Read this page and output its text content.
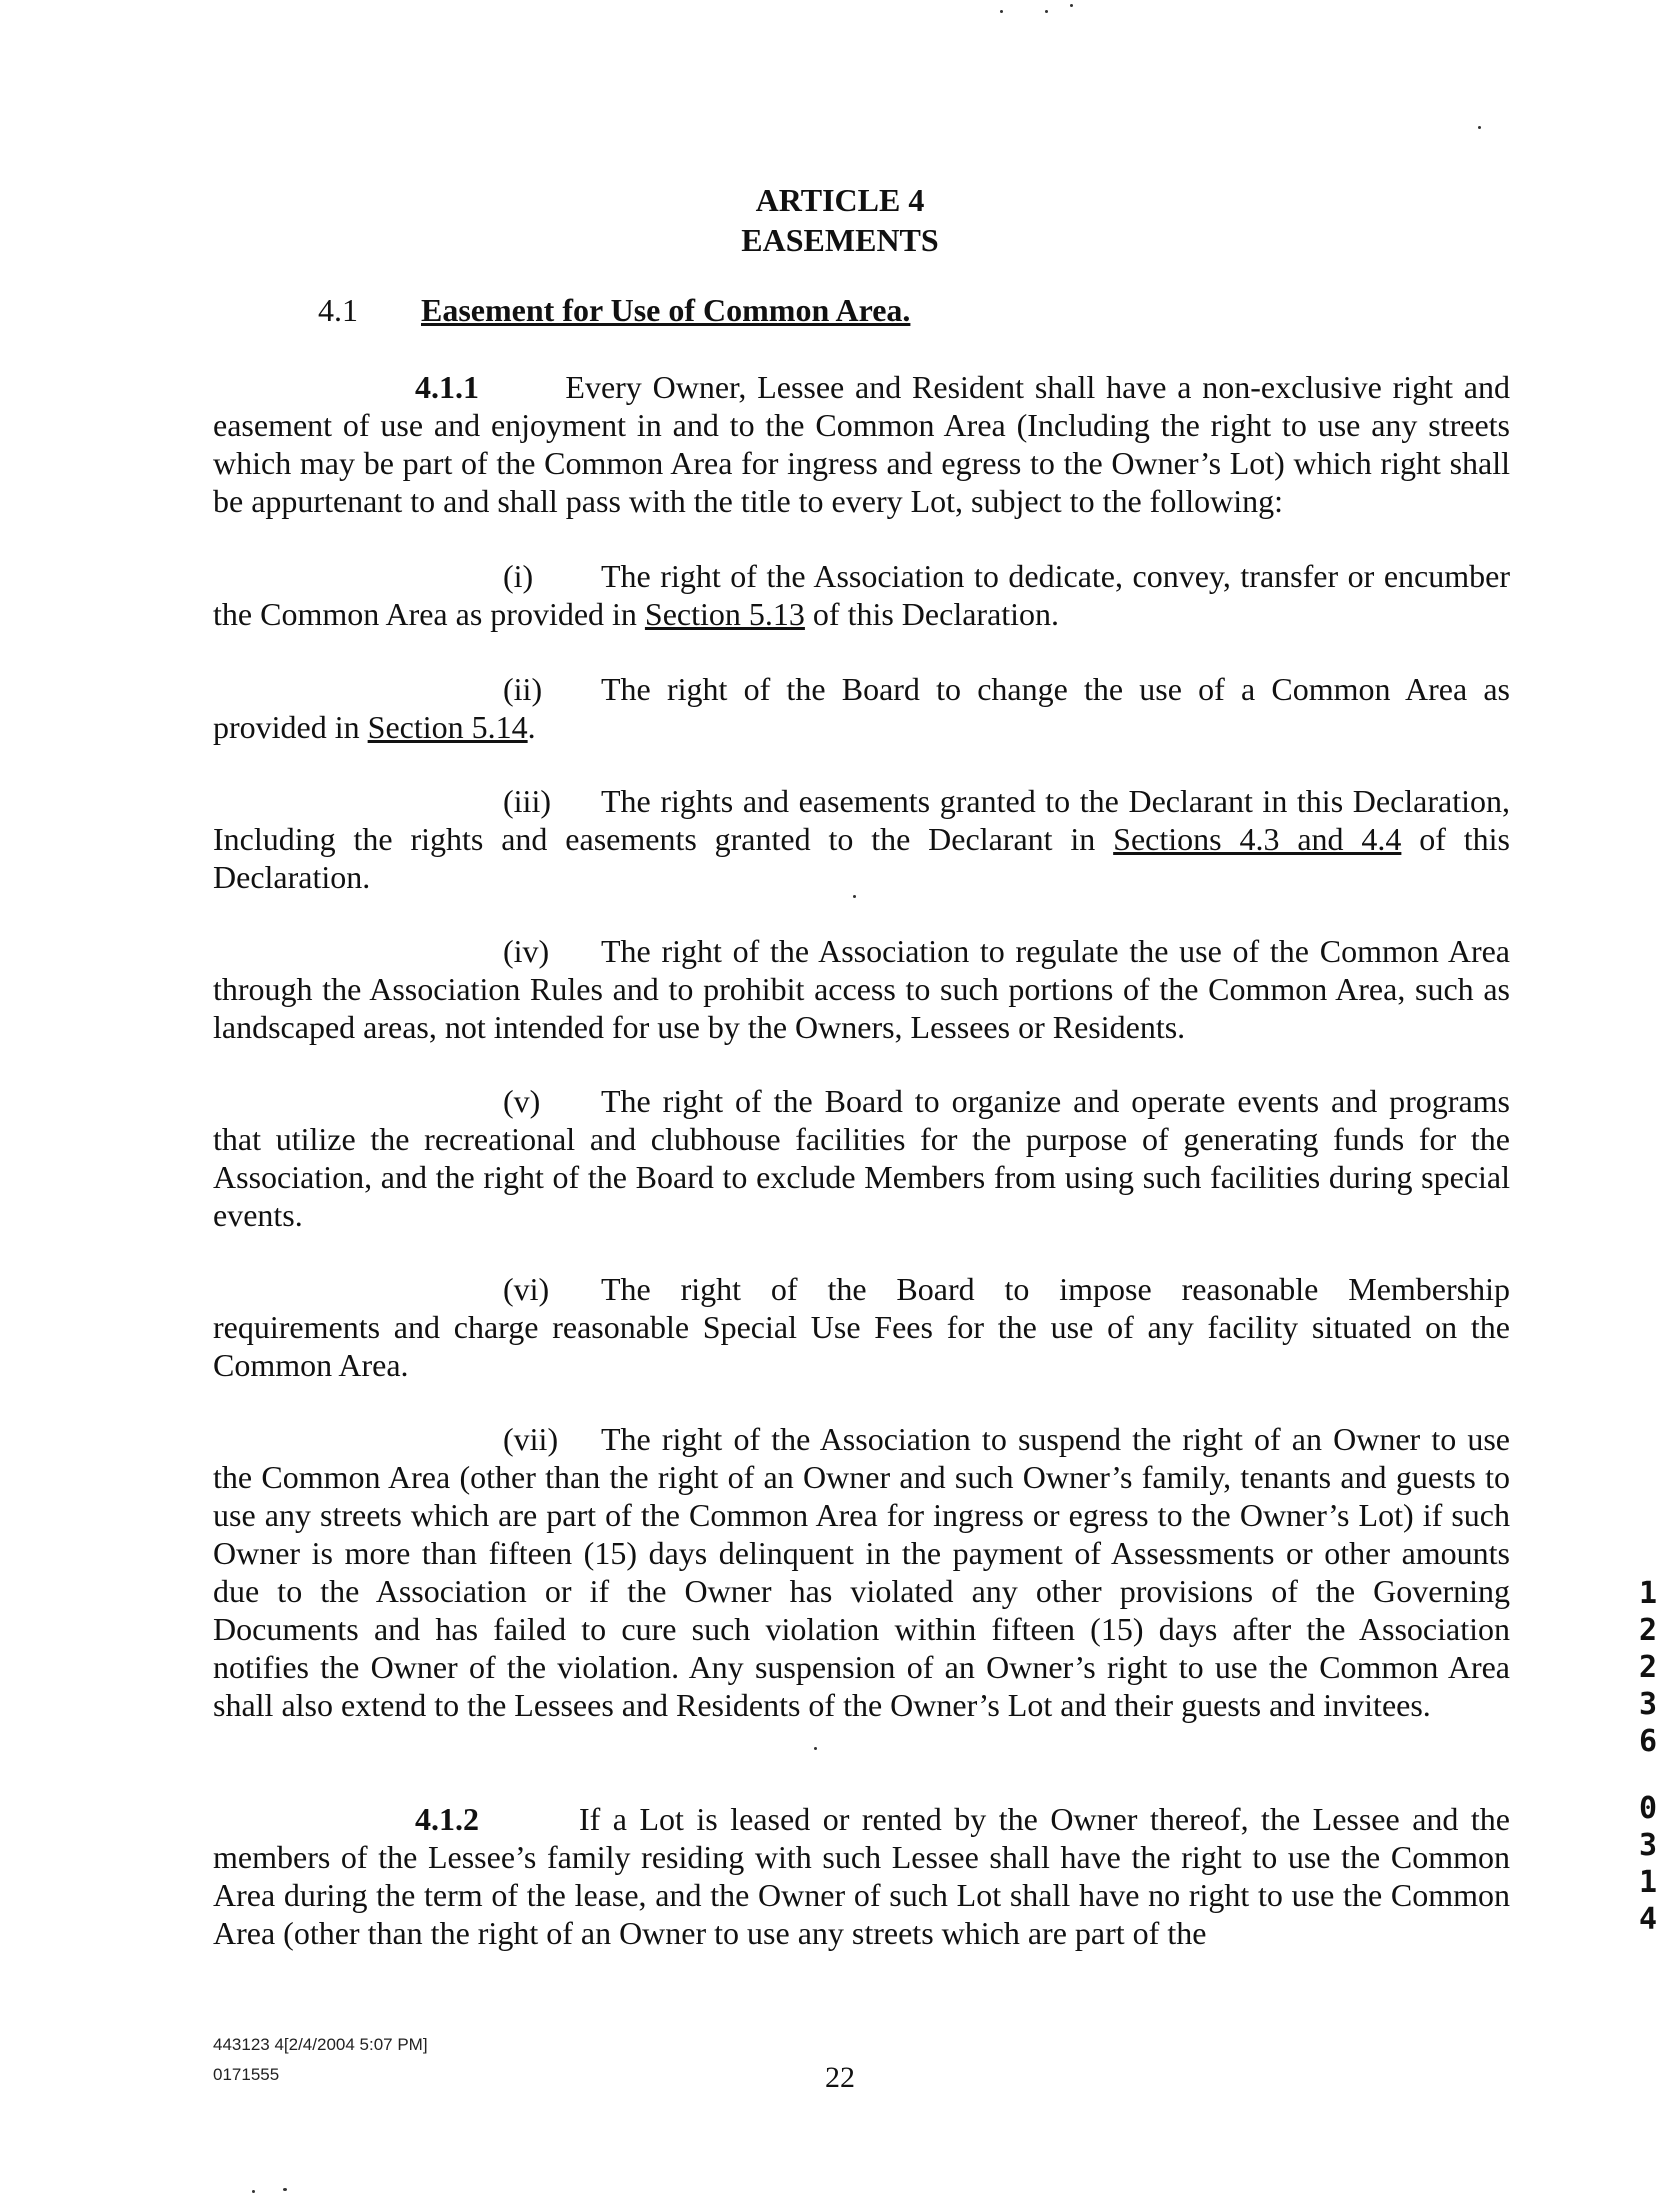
ARTICLE 4
EASEMENTS
4.1 Easement for Use of Common Area.
4.1.1	Every Owner, Lessee and Resident shall have a non-exclusive right and easement of use and enjoyment in and to the Common Area (Including the right to use any streets which may be part of the Common Area for ingress and egress to the Owner’s Lot) which right shall be appurtenant to and shall pass with the title to every Lot, subject to the following:
(i) The right of the Association to dedicate, convey, transfer or encumber the Common Area as provided in Section 5.13 of this Declaration.
(ii) The right of the Board to change the use of a Common Area as provided in Section 5.14.
(iii) The rights and easements granted to the Declarant in this Declaration, Including the rights and easements granted to the Declarant in Sections 4.3 and 4.4 of this Declaration.
(iv) The right of the Association to regulate the use of the Common Area through the Association Rules and to prohibit access to such portions of the Common Area, such as landscaped areas, not intended for use by the Owners, Lessees or Residents.
(v) The right of the Board to organize and operate events and programs that utilize the recreational and clubhouse facilities for the purpose of generating funds for the Association, and the right of the Board to exclude Members from using such facilities during special events.
(vi) The right of the Board to impose reasonable Membership requirements and charge reasonable Special Use Fees for the use of any facility situated on the Common Area.
(vii) The right of the Association to suspend the right of an Owner to use the Common Area (other than the right of an Owner and such Owner’s family, tenants and guests to use any streets which are part of the Common Area for ingress or egress to the Owner’s Lot) if such Owner is more than fifteen (15) days delinquent in the payment of Assessments or other amounts due to the Association or if the Owner has violated any other provisions of the Governing Documents and has failed to cure such violation within fifteen (15) days after the Association notifies the Owner of the violation. Any suspension of an Owner’s right to use the Common Area shall also extend to the Lessees and Residents of the Owner’s Lot and their guests and invitees.
4.1.2	If a Lot is leased or rented by the Owner thereof, the Lessee and the members of the Lessee’s family residing with such Lessee shall have the right to use the Common Area during the term of the lease, and the Owner of such Lot shall have no right to use the Common Area (other than the right of an Owner to use any streets which are part of the
1
2
2
3
6
0
3
1
4
443123 4[2/4/2004 5:07 PM]
0171555	22
